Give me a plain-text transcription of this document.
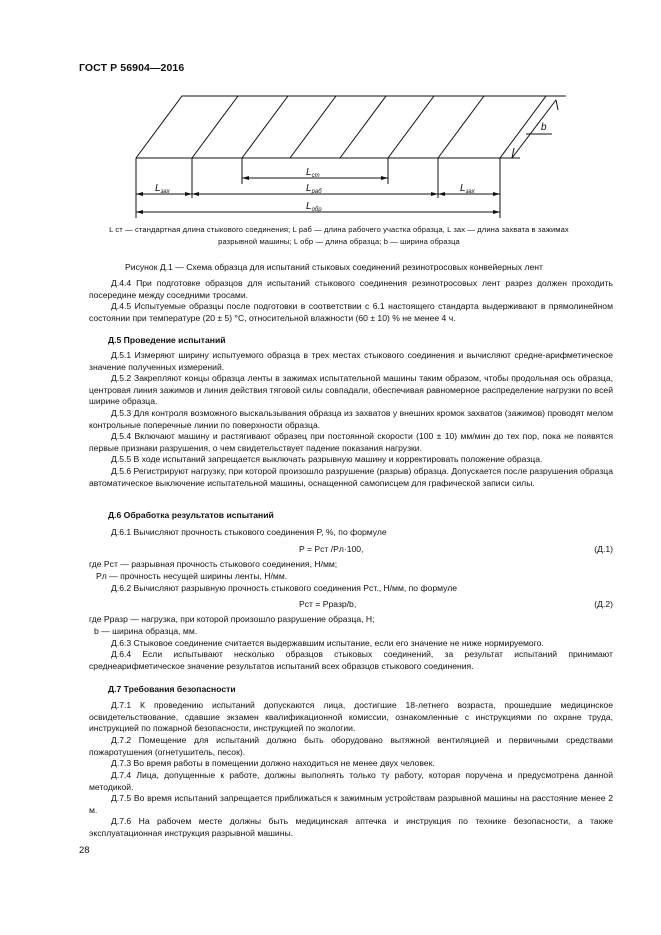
ГОСТ Р 56904—2016
b
$L_{зах}$
$L_{ст}$
$L_{раб}$	$L_{зах}$
$L_{обр}$
L ст — стандартная длина стыкового соединения; L раб — длина рабочего участка образца, L зах — длина захвата в зажимах
разрывной машины; L обр — длина образца; b — ширина образца
Рисунок Д.1 — Схема образца для испытаний стыковых соединений резинотросовых конвейерных лент
Д.4.4 При подготовке образцов для испытаний стыкового соединения резинотросовых лент разрез должен проходить посередине между соседними тросами.
Д.4.5 Испытуемые образцы после подготовки в соответствии с 6.1 настоящего стандарта выдерживают в прямолинейном состоянии при температуре (20 ± 5) °С, относительной влажности (60 ± 10) % не менее 4 ч.
Д.5 Проведение испытаний
Д.5.1 Измеряют ширину испытуемого образца в трех местах стыкового соединения и вычисляют средне-арифметическое значение полученных измерений.
Д.5.2 Закрепляют концы образца ленты в зажимах испытательной машины таким образом, чтобы продольная ось образца, центровая линия зажимов и линия действия тяговой силы совпадали, обеспечивая равномерное распределение нагрузки по всей ширине образца.
Д.5.3 Для контроля возможного выскальзывания образца из захватов у внешних кромок захватов (зажимов) проводят мелом контрольные поперечные линии по поверхности образца.
Д.5.4 Включают машину и растягивают образец при постоянной скорости (100 ± 10) мм/мин до тех пор, пока не появятся первые признаки разрушения, о чем свидетельствует падение показания нагрузки.
Д.5.5 В ходе испытаний запрещается выключать разрывную машину и корректировать положение образца.
Д.5.6 Регистрируют нагрузку, при которой произошло разрушение (разрыв) образца. Допускается после разрушения образца автоматическое выключение испытательной машины, оснащенной самописцем для графической записи силы.
Д.6 Обработка результатов испытаний
Д.6.1 Вычисляют прочность стыкового соединения P, %, по формуле
P = Pст /Pл·100,	(Д.1)
где Pст — разрывная прочность стыкового соединения, Н/мм;
Pл — прочность несущей ширины ленты, Н/мм.
Д.6.2 Вычисляют разрывную прочность стыкового соединения Pст., Н/мм, по формуле
Pст = Pразр/b,	(Д.2)
где Pразр — нагрузка, при которой произошло разрушение образца, Н;
b — ширина образца, мм.
Д.6.3 Стыковое соединение считается выдержавшим испытание, если его значение не ниже нормируемого.
Д.6.4 Если испытывают несколько образцов стыковых соединений, за результат испытаний принимают среднеарифметическое значение результатов испытаний всех образцов стыкового соединения.
Д.7 Требования безопасности
Д.7.1 К проведению испытаний допускаются лица, достигшие 18-летнего возраста, прошедшие медицинское освидетельствование, сдавшие экзамен квалификационной комиссии, ознакомленные с инструкциями по охране труда, инструкцией по пожарной безопасности, инструкцией по экологии.
Д.7.2 Помещение для испытаний должно быть оборудовано вытяжной вентиляцией и первичными средствами пожаротушения (огнетушитель, песок).
Д.7.3 Во время работы в помещении должно находиться не менее двух человек.
Д.7.4 Лица, допущенные к работе, должны выполнять только ту работу, которая поручена и предусмотрена данной методикой.
Д.7.5 Во время испытаний запрещается приближаться к зажимным устройствам разрывной машины на расстояние менее 2 м.
Д.7.6 На рабочем месте должны быть медицинская аптечка и инструкция по технике безопасности, а также эксплуатационная инструкция разрывной машины.
28
